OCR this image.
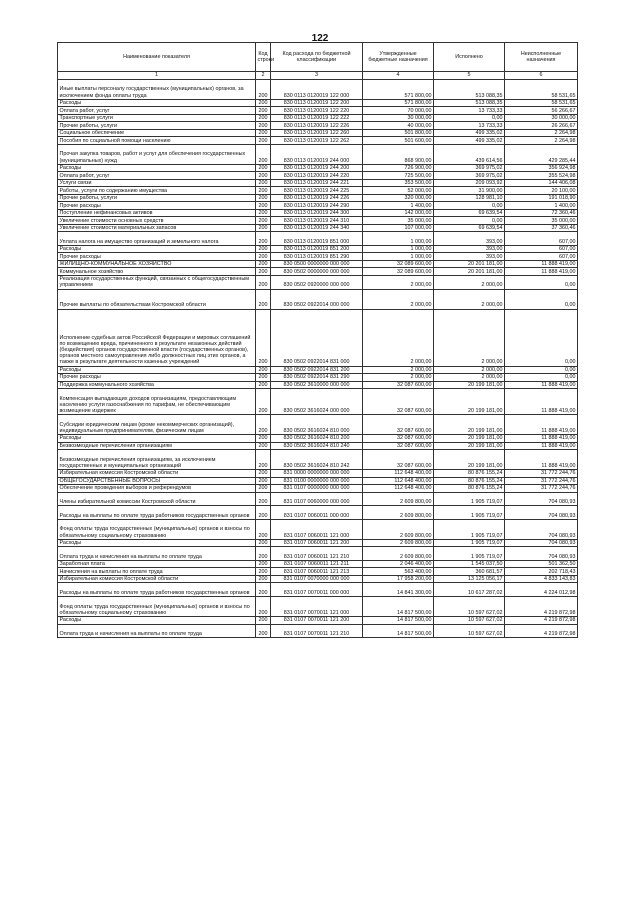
122
Наименование показателя	Код строки	Код расхода по бюджетной классификации	Утвержденные бюджетные назначения	Исполнено	Неисполненные назначения
1	2	3	4	5	6
Иные выплаты персоналу государственных (муниципальных) органов, за исключением фонда оплаты труда	200	830 0113 0120019 122 000	571 800,00	513 088,35	58 531,65
Расходы	200	830 0113 0120019 122 200	571 800,00	513 088,35	58 531,65
Оплата работ, услуг	200	830 0113 0120019 122 220	70 000,00	13 733,33	56 266,67
Транспортные услуги	200	830 0113 0120019 122 222	30 000,00	0,00	30 000,00
Прочие работы, услуги	200	830 0113 0120019 122 226	40 000,00	13 733,33	26 266,67
Социальное обеспечение	200	830 0113 0120019 122 260	501 800,00	499 335,02	2 264,98
Пособия по социальной помощи населению	200	830 0113 0120019 122 262	501 600,00	499 335,02	2 264,98
Прочая закупка товаров, работ и услуг для обеспечения государственных (муниципальных) нужд	200	830 0113 0120019 244 000	868 900,00	439 614,56	429 285,44
Расходы	200	830 0113 0120019 244 200	726 900,00	369 975,02	356 924,98
Оплата работ, услуг	200	830 0113 0120019 244 220	725 500,00	369 975,02	355 524,98
Услуги связи	200	830 0113 0120019 244 221	353 500,00	209 093,92	144 406,08
Работы, услуги по содержанию имущества	200	830 0113 0120019 244 225	52 000,00	31 900,00	20 100,00
Прочие работы, услуги	200	830 0113 0120019 244 226	320 000,00	128 981,10	191 018,90
Прочие расходы	200	830 0113 0120019 244 290	1 400,00	0,00	1 400,00
Поступление нефинансовых активов	200	830 0113 0120019 244 300	142 000,00	69 639,54	72 360,46
Увеличение стоимости основных средств	200	830 0113 0120019 244 310	35 000,00	0,00	35 000,00
Увеличение стоимости материальных запасов	200	830 0113 0120019 244 340	107 000,00	69 639,54	37 360,46
Уплата налога на имущество организаций и земельного налога	200	830 0113 0120019 851 000	1 000,00	393,00	607,00
Расходы	200	830 0113 0120019 851 200	1 000,00	393,00	607,00
Прочие расходы	200	830 0113 0120019 851 290	1 000,00	393,00	607,00
ЖИЛИЩНО-КОММУНАЛЬНОЕ ХОЗЯЙСТВО	200	830 0500 0000000 000 000	32 089 600,00	20 201 181,00	11 888 419,00
Коммунальное хозяйство	200	830 0502 0000000 000 000	32 089 600,00	20 201 181,00	11 888 419,00
Реализация государственных функций, связанных с общегосударственным управлением	200	830 0502 0920000 000 000	2 000,00	2 000,00	0,00
Прочие выплаты по обязательствам Костромской области	200	830 0502 0922014 000 000	2 000,00	2 000,00	0,00
Исполнение судебных актов Российской Федерации и мировых соглашений по возмещению вреда, причиненного в результате незаконных действий (бездействия) органов государственной власти (государственных органов), органов местного самоуправления либо должностных лиц этих органов, а также в результате деятельности казенных учреждений	200	830 0502 0922014 831 000	2 000,00	2 000,00	0,00
Расходы	200	830 0502 0922014 831 200	2 000,00	2 000,00	0,00
Прочие расходы	200	830 0502 0922014 831 290	2 000,00	2 000,00	0,00
Поддержка коммунального хозяйства	200	830 0502 3610000 000 000	32 087 600,00	20 199 181,00	11 888 419,00
Компенсация выпадающих доходов организациям, предоставляющим населению услуги газоснабжения по тарифам, не обеспечивающим возмещение издержек	200	830 0502 3616024 000 000	32 087 600,00	20 199 181,00	11 888 419,00
Субсидии юридическим лицам (кроме некоммерческих организаций), индивидуальным предпринимателям, физическим лицам	200	830 0502 3616024 810 000	32 087 600,00	20 199 181,00	11 888 419,00
Расходы	200	830 0502 3616024 810 200	32 087 600,00	20 199 181,00	11 888 419,00
Безвозмездные перечисления организациям	200	830 0502 3616024 810 240	32 087 600,00	20 199 181,00	11 888 419,00
Безвозмездные перечисления организациям, за исключением государственных и муниципальных организаций	200	830 0502 3616024 810 242	32 087 600,00	20 199 181,00	11 888 419,00
Избирательная комиссия Костромской области	200	831 0000 0000000 000 000	112 648 400,00	80 876 155,24	31 772 244,76
ОБЩЕГОСУДАРСТВЕННЫЕ ВОПРОСЫ	200	831 0100 0000000 000 000	112 648 400,00	80 876 155,24	31 772 244,76
Обеспечение проведения выборов и референдумов	200	831 0107 0000000 000 000	112 648 400,00	80 876 155,24	31 772 244,76
Члены избирательной комиссии Костромской области	200	831 0107 0060000 000 000	2 609 800,00	1 905 719,07	704 080,93
Расходы на выплаты по оплате труда работников государственных органов	200	831 0107 0060011 000 000	2 609 800,00	1 905 719,07	704 080,93
Фонд оплаты труда государственных (муниципальных) органов и взносы по обязательному социальному страхованию	200	831 0107 0060011 121 000	2 609 800,00	1 905 719,07	704 080,93
Расходы	200	831 0107 0060011 121 200	2 609 800,00	1 905 719,07	704 080,93
Оплата труда и начисления на выплаты по оплате труда	200	831 0107 0060011 121 210	2 609 800,00	1 905 719,07	704 080,93
Заработная плата	200	831 0107 0060011 121 211	2 046 400,00	1 545 037,50	501 362,50
Начисления на выплаты по оплате труда	200	831 0107 0060011 121 213	563 400,00	360 681,57	202 718,43
Избирательная комиссия Костромской области	200	831 0107 0070000 000 000	17 958 200,00	13 125 056,17	4 833 143,83
Расходы на выплаты по оплате труда работников государственных органов	200	831 0107 0070011 000 000	14 841 300,00	10 617 287,02	4 224 012,98
Фонд оплаты труда государственных (муниципальных) органов и взносы по обязательному социальному страхованию	200	831 0107 0070011 121 000	14 817 500,00	10 597 627,02	4 219 872,98
Расходы	200	831 0107 0070011 121 200	14 817 500,00	10 597 627,02	4 219 872,98
Оплата труда и начисления на выплаты по оплате труда	200	831 0107 0070011 121 210	14 817 500,00	10 597 627,02	4 219 872,98
